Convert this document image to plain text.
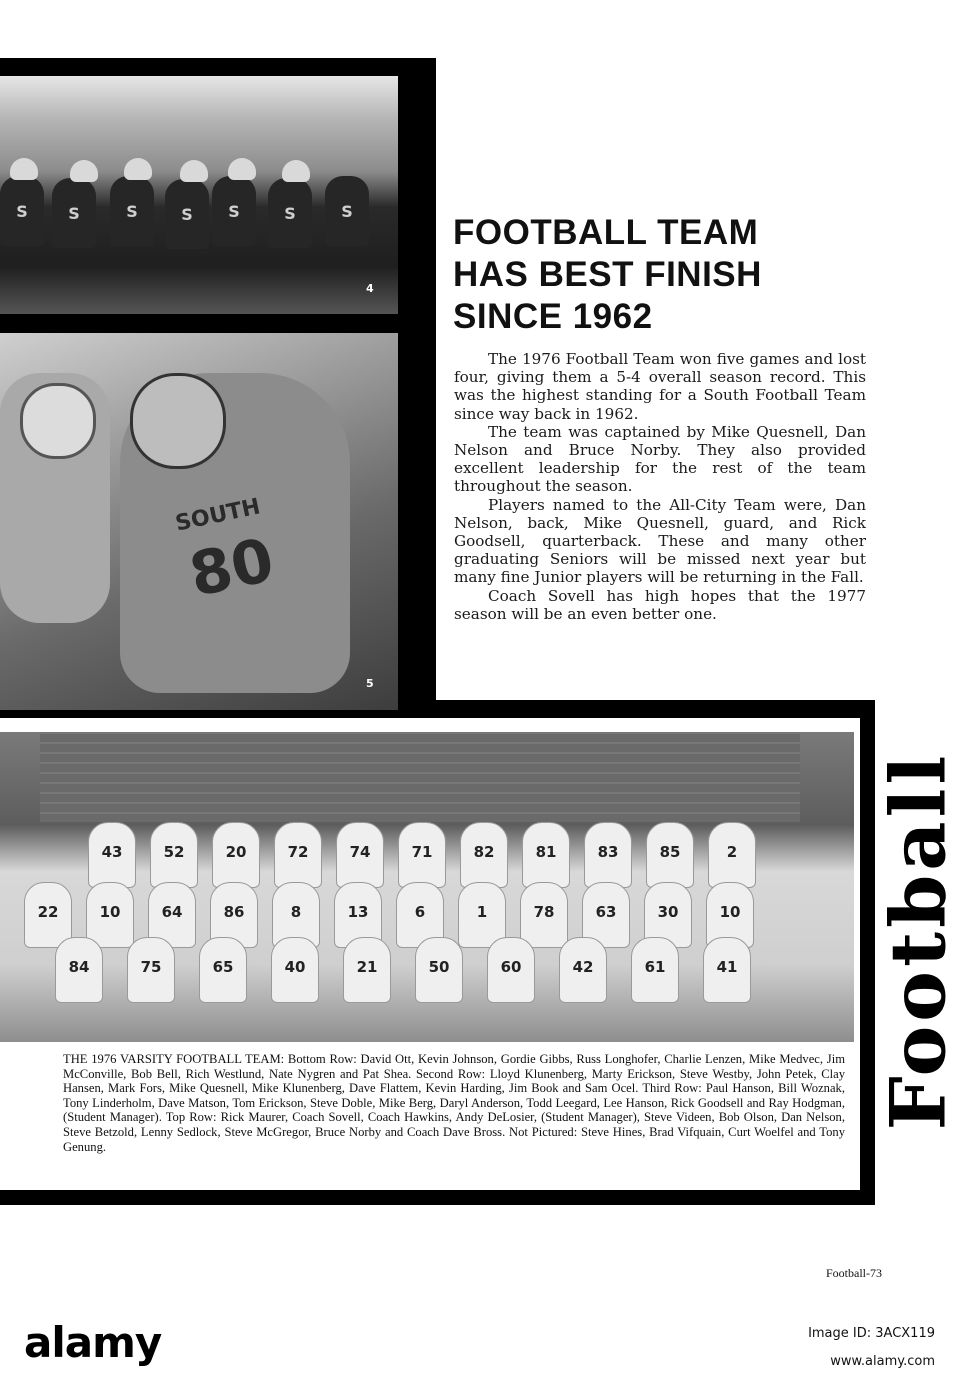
S	S	S	S	S	S	S
4
SOUTH
80
5
FOOTBALL TEAM
HAS BEST FINISH
SINCE 1962

The 1976 Football Team won five games and lost four, giving them a 5-4 overall season record. This was the highest standing for a South Football Team since way back in 1962.

The team was captained by Mike Quesnell, Dan Nelson and Bruce Norby. They also provided excellent leadership for the rest of the team throughout the season.

Players named to the All-City Team were, Dan Nelson, back, Mike Quesnell, guard, and Rick Goodsell, quarterback. These and many other graduating Seniors will be missed next year but many fine Junior players will be returning in the Fall.

Coach Sovell has high hopes that the 1977 season will be an even better one.

43	52	20	72	74	71	82	81	83	85	2
22	10	64	86	8	13	6	1	78	63	30	10
84	75	65	40	21	50	60	42	61	41 Football
THE 1976 VARSITY FOOTBALL TEAM: Bottom Row: David Ott, Kevin Johnson, Gordie Gibbs, Russ Longhofer, Charlie Lenzen, Mike Medvec, Jim McConville, Bob Bell, Rich Westlund, Nate Nygren and Pat Shea. Second Row: Lloyd Klunenberg, Marty Erickson, Steve Westby, John Petek, Clay Hansen, Mark Fors, Mike Quesnell, Mike Klunenberg, Dave Flattem, Kevin Harding, Jim Book and Sam Ocel. Third Row: Paul Hanson, Bill Woznak, Tony Linderholm, Dave Matson, Tom Erickson, Steve Doble, Mike Berg, Daryl Anderson, Todd Leegard, Lee Hanson, Rick Goodsell and Ray Hodgman, (Student Manager). Top Row: Rick Maurer, Coach Sovell, Coach Hawkins, Andy DeLosier, (Student Manager), Steve Videen, Bob Olson, Dan Nelson, Steve Betzold, Lenny Sedlock, Steve McGregor, Bruce Norby and Coach Dave Bross. Not Pictured: Steve Hines, Brad Vifquain, Curt Woelfel and Tony Genung.
Football-73
alamy	Image ID: 3ACX119
www.alamy.com
